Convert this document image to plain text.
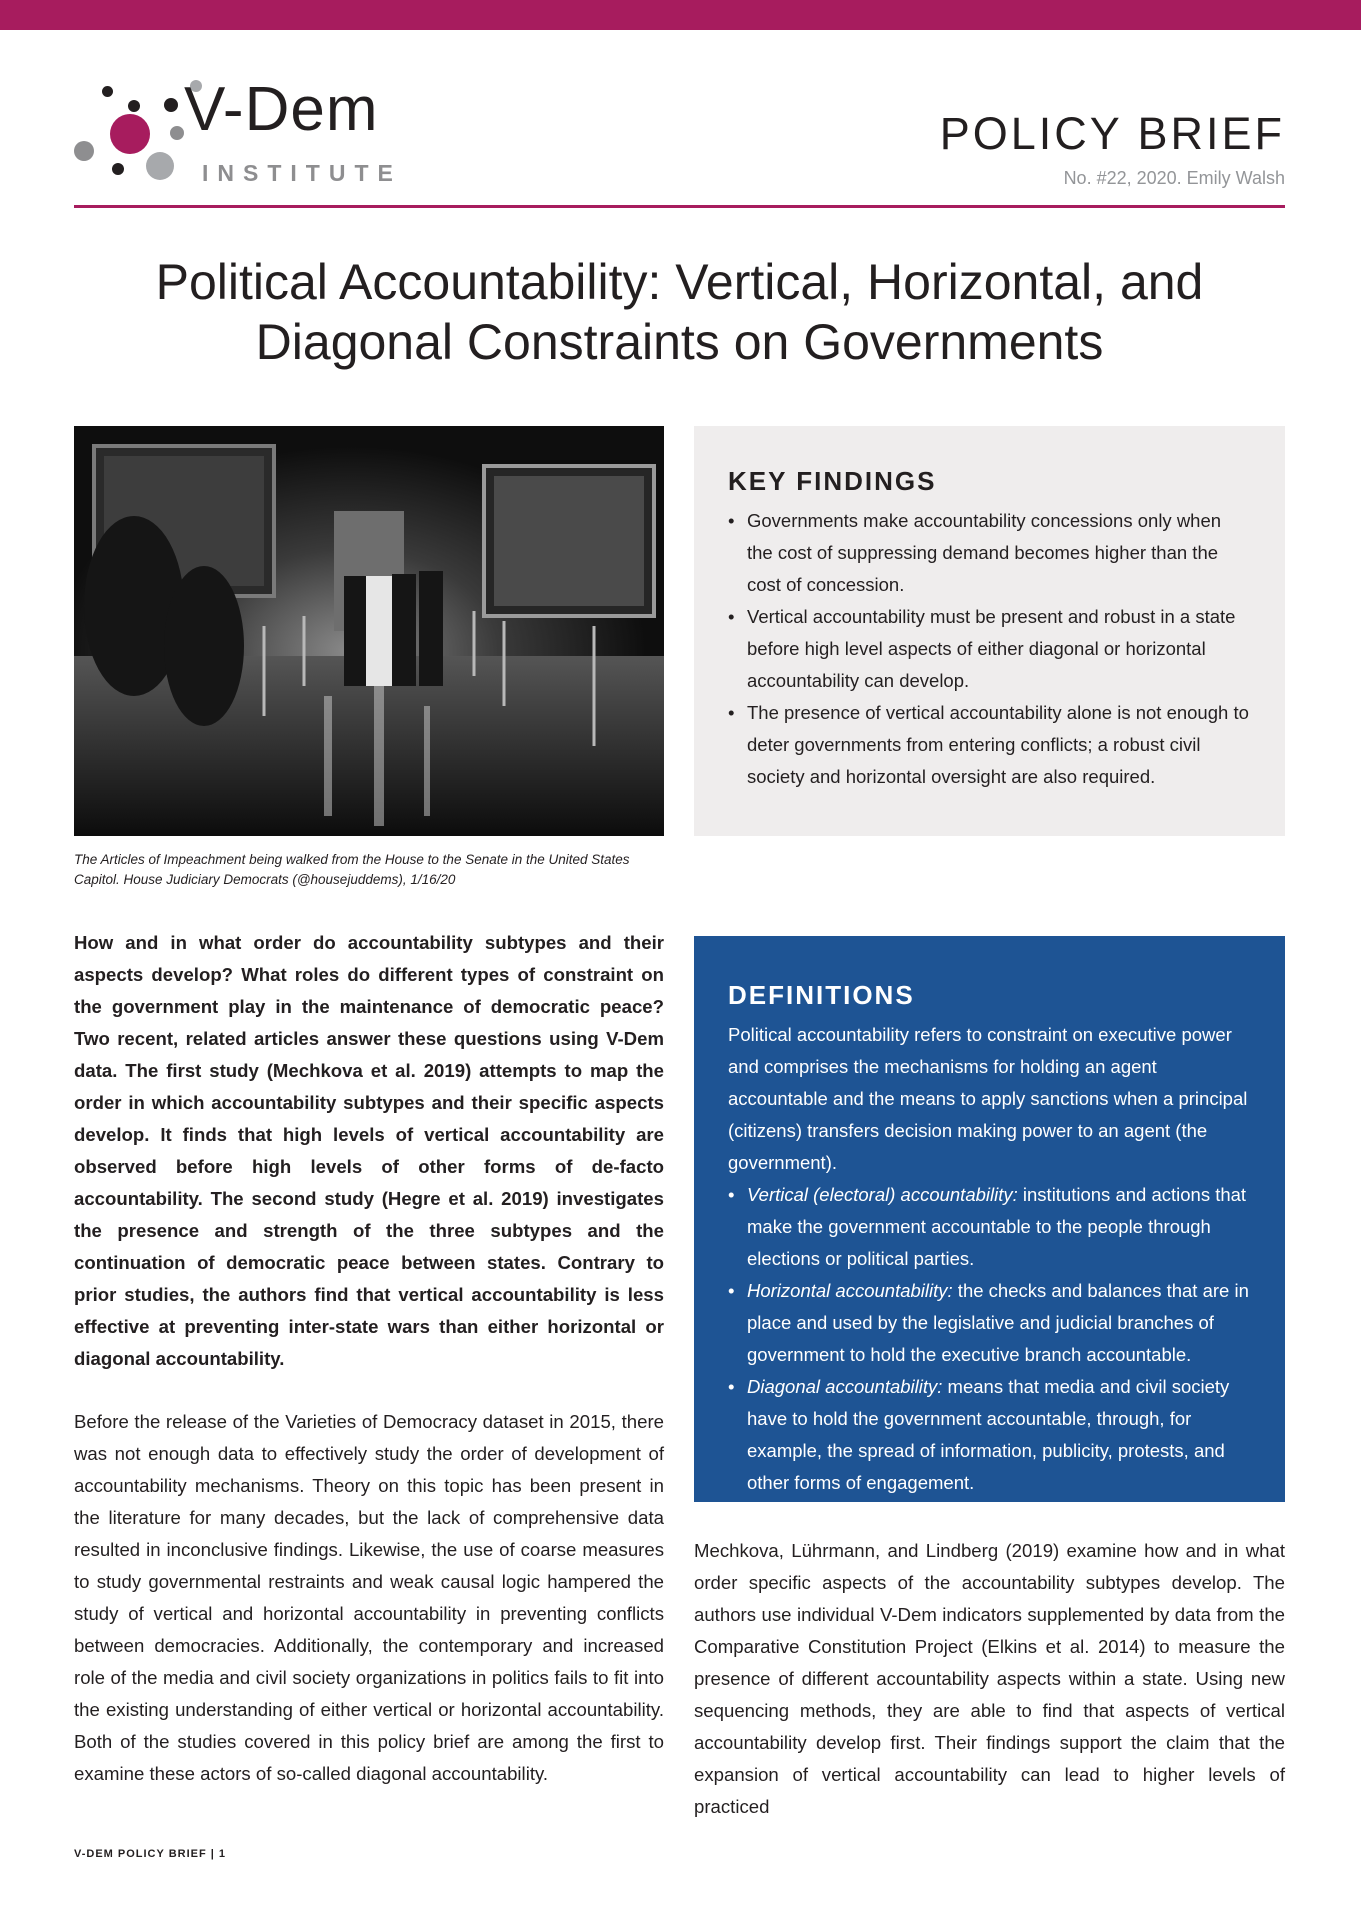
V-Dem
INSTITUTE
POLICY BRIEF
No. #22, 2020. Emily Walsh
Political Accountability: Vertical, Horizontal, and
Diagonal Constraints on Governments
The Articles of Impeachment being walked from the House to the Senate in the United States
Capitol. House Judiciary Democrats (@housejuddems), 1/16/20
KEY FINDINGS
• Governments make accountability concessions only when the cost of suppressing demand becomes higher than the cost of concession.
• Vertical accountability must be present and robust in a state before high level aspects of either diagonal or horizontal accountability can develop.
• The presence of vertical accountability alone is not enough to deter governments from entering conflicts; a robust civil society and horizontal oversight are also required.

How and in what order do accountability subtypes and their aspects develop? What roles do different types of constraint on the government play in the maintenance of democratic peace? Two recent, related articles answer these questions using V-Dem data. The first study (Mechkova et al. 2019) attempts to map the order in which accountability subtypes and their specific aspects develop. It finds that high levels of vertical accountability are observed before high levels of other forms of de-facto accountability. The second study (Hegre et al. 2019) investigates the presence and strength of the three subtypes and the continuation of democratic peace between states. Contrary to prior studies, the authors find that vertical accountability is less effective at preventing inter-state wars than either horizontal or diagonal accountability.

DEFINITIONS

Political accountability refers to constraint on executive power and comprises the mechanisms for holding an agent accountable and the means to apply sanctions when a principal (citizens) transfers decision making power to an agent (the government).

• Vertical (electoral) accountability: institutions and actions that make the government accountable to the people through elections or political parties.
• Horizontal accountability: the checks and balances that are in place and used by the legislative and judicial branches of government to hold the executive branch accountable.
• Diagonal accountability: means that media and civil society have to hold the government accountable, through, for example, the spread of information, publicity, protests, and other forms of engagement.

Before the release of the Varieties of Democracy dataset in 2015, there was not enough data to effectively study the order of development of accountability mechanisms. Theory on this topic has been present in the literature for many decades, but the lack of comprehensive data resulted in inconclusive findings. Likewise, the use of coarse measures to study governmental restraints and weak causal logic hampered the study of vertical and horizontal accountability in preventing conflicts between democracies. Additionally, the contemporary and increased role of the media and civil society organizations in politics fails to fit into the existing understanding of either vertical or horizontal accountability. Both of the studies covered in this policy brief are among the first to examine these actors of so-called diagonal accountability.

Mechkova, Lührmann, and Lindberg (2019) examine how and in what order specific aspects of the accountability subtypes develop. The authors use individual V-Dem indicators supplemented by data from the Comparative Constitution Project (Elkins et al. 2014) to measure the presence of different accountability aspects within a state. Using new sequencing methods, they are able to find that aspects of vertical accountability develop first. Their findings support the claim that the expansion of vertical accountability can lead to higher levels of practiced

V-DEM POLICY BRIEF | 1
